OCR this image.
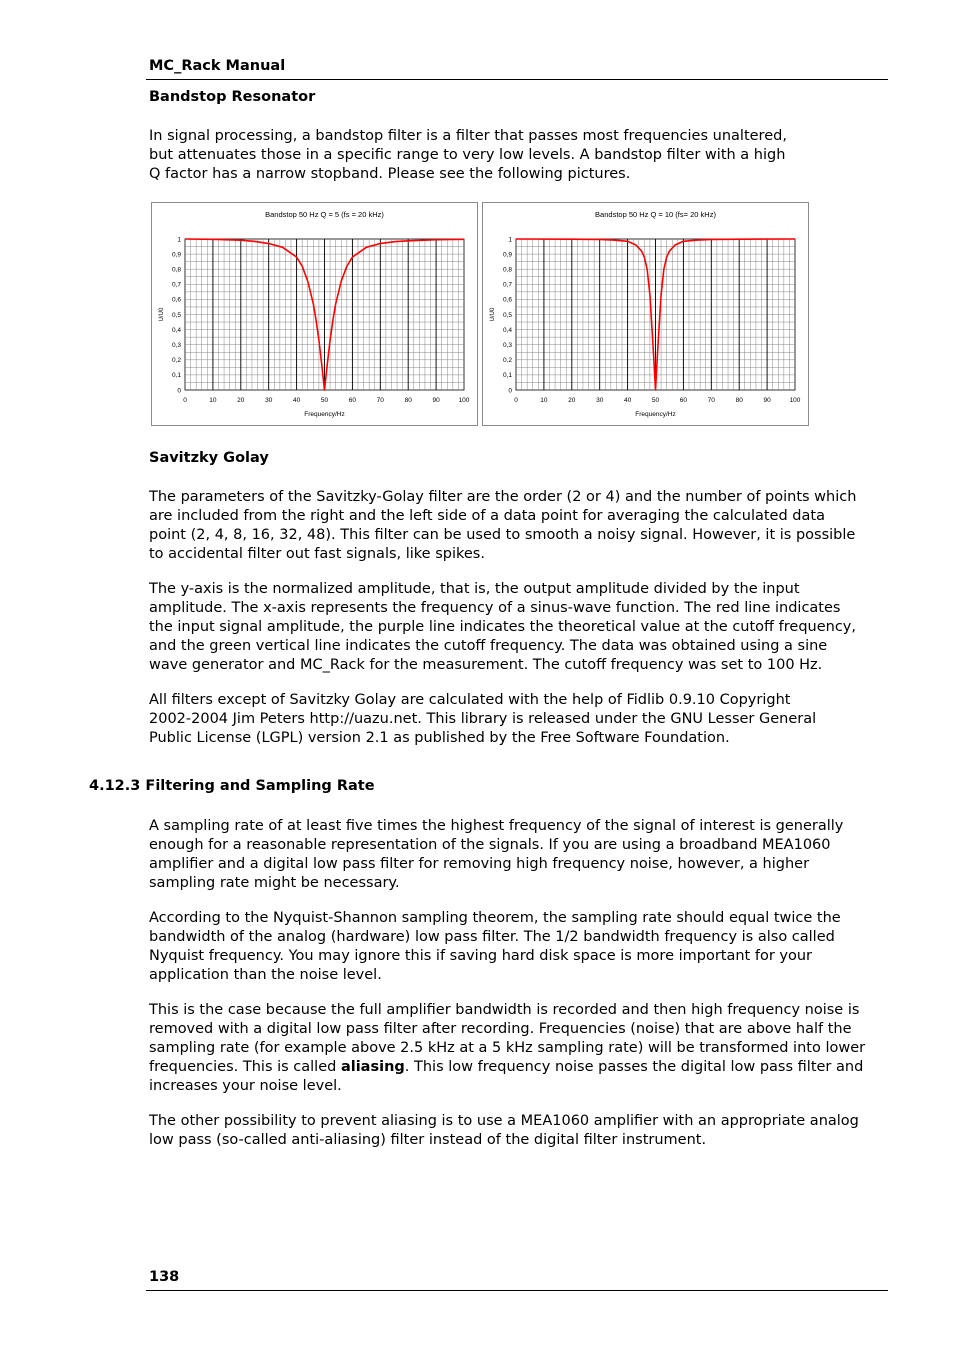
MC_Rack Manual
Bandstop Resonator

In signal processing, a bandstop filter is a filter that passes most frequencies unaltered,
but attenuates those in a specific range to very low levels. A bandstop filter with a high
Q factor has a narrow stopband. Please see the following pictures.

Bandstop 50 Hz Q = 5 (fs = 20 kHz)
0	10	20	30	40	50	60	70	80	90	100
0
0,1
0,2
0,3
0,4
0,5
0,6
0,7
0,8
0,9
1
Frequency/Hz
U/U0
Bandstop 50 Hz Q = 10 (fs= 20 kHz)
0	10	20	30	40	50	60	70	80	90	100
0
0,1
0,2
0,3
0,4
0,5
0,6
0,7
0,8
0,9
1
Frequency/Hz
U/U0
Savitzky Golay

The parameters of the Savitzky-Golay filter are the order (2 or 4) and the number of points which
are included from the right and the left side of a data point for averaging the calculated data
point (2, 4, 8, 16, 32, 48). This filter can be used to smooth a noisy signal. However, it is possible
to accidental filter out fast signals, like spikes.

The y-axis is the normalized amplitude, that is, the output amplitude divided by the input
amplitude. The x-axis represents the frequency of a sinus-wave function. The red line indicates
the input signal amplitude, the purple line indicates the theoretical value at the cutoff frequency,
and the green vertical line indicates the cutoff frequency. The data was obtained using a sine
wave generator and MC_Rack for the measurement. The cutoff frequency was set to 100 Hz.

All filters except of Savitzky Golay are calculated with the help of Fidlib 0.9.10 Copyright
2002-2004 Jim Peters http://uazu.net. This library is released under the GNU Lesser General
Public License (LGPL) version 2.1 as published by the Free Software Foundation.

4.12.3 Filtering and Sampling Rate

A sampling rate of at least five times the highest frequency of the signal of interest is generally
enough for a reasonable representation of the signals. If you are using a broadband MEA1060
amplifier and a digital low pass filter for removing high frequency noise, however, a higher
sampling rate might be necessary.

According to the Nyquist-Shannon sampling theorem, the sampling rate should equal twice the
bandwidth of the analog (hardware) low pass filter. The 1/2 bandwidth frequency is also called
Nyquist frequency. You may ignore this if saving hard disk space is more important for your
application than the noise level.

This is the case because the full amplifier bandwidth is recorded and then high frequency noise is
removed with a digital low pass filter after recording. Frequencies (noise) that are above half the
sampling rate (for example above 2.5 kHz at a 5 kHz sampling rate) will be transformed into lower
frequencies. This is called aliasing. This low frequency noise passes the digital low pass filter and
increases your noise level.

The other possibility to prevent aliasing is to use a MEA1060 amplifier with an appropriate analog
low pass (so-called anti-aliasing) filter instead of the digital filter instrument.

138
